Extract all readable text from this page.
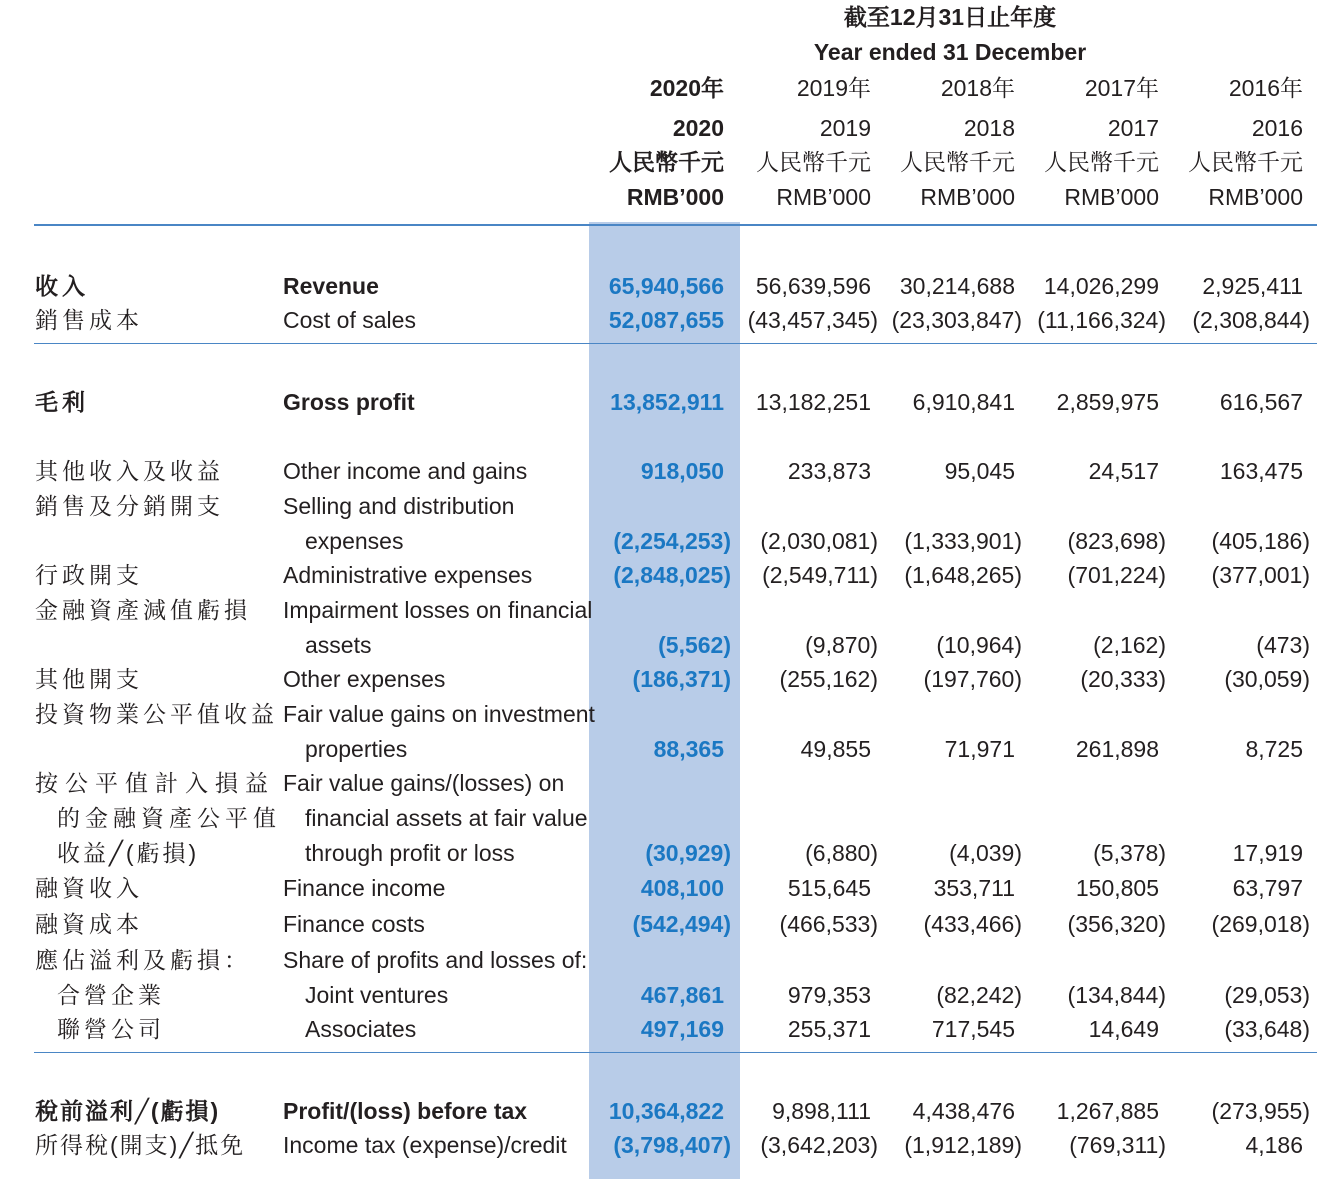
截至12月31日止年度
Year ended 31 December
2020年	2019年	2018年	2017年	2016年
2020	2019	2018	2017	2016
人民幣千元	人民幣千元	人民幣千元	人民幣千元	人民幣千元
RMB’000	RMB’000	RMB’000	RMB’000	RMB’000
收入	Revenue	65,940,566	56,639,596	30,214,688	14,026,299	2,925,411
銷售成本	Cost of sales	52,087,655	(43,457,345) (23,303,847) (11,166,324)	(2,308,844)
毛利	Gross profit	13,852,911	13,182,251	6,910,841	2,859,975	616,567
其他收入及收益	Other income and gains	918,050	233,873	95,045	24,517	163,475
銷售及分銷開支	Selling and distribution
expenses	(2,254,253)	(2,030,081)	(1,333,901)	(823,698)	(405,186)
行政開支	Administrative expenses	(2,848,025)	(2,549,711)	(1,648,265)	(701,224)	(377,001)
金融資產減值虧損 Impairment losses on financial
assets	(5,562)	(9,870)	(10,964)	(2,162)	(473)
其他開支	Other expenses	(186,371)	(255,162)	(197,760)	(20,333)	(30,059)
投資物業公平值收益 Fair value gains on investment
properties	88,365	49,855	71,971	261,898	8,725
按公平值計入損益
的金融資產公平值
收益╱(虧損)
Fair value gains/(losses) on
financial assets at fair value
through profit or loss	(30,929)	(6,880)	(4,039)	(5,378)	17,919
融資收入	Finance income	408,100	515,645	353,711	150,805	63,797
融資成本	Finance costs	(542,494)	(466,533)	(433,466)	(356,320)	(269,018)
應佔溢利及虧損： Share of profits and losses of:
合營企業	Joint ventures	467,861	979,353	(82,242)	(134,844)	(29,053)
聯營公司	Associates	497,169	255,371	717,545	14,649	(33,648)
稅前溢利╱(虧損)	Profit/(loss) before tax	10,364,822	9,898,111	4,438,476	1,267,885	(273,955)
所得稅(開支)╱抵免 Income tax (expense)/credit	(3,798,407)	(3,642,203)	(1,912,189)	(769,311)	4,186
